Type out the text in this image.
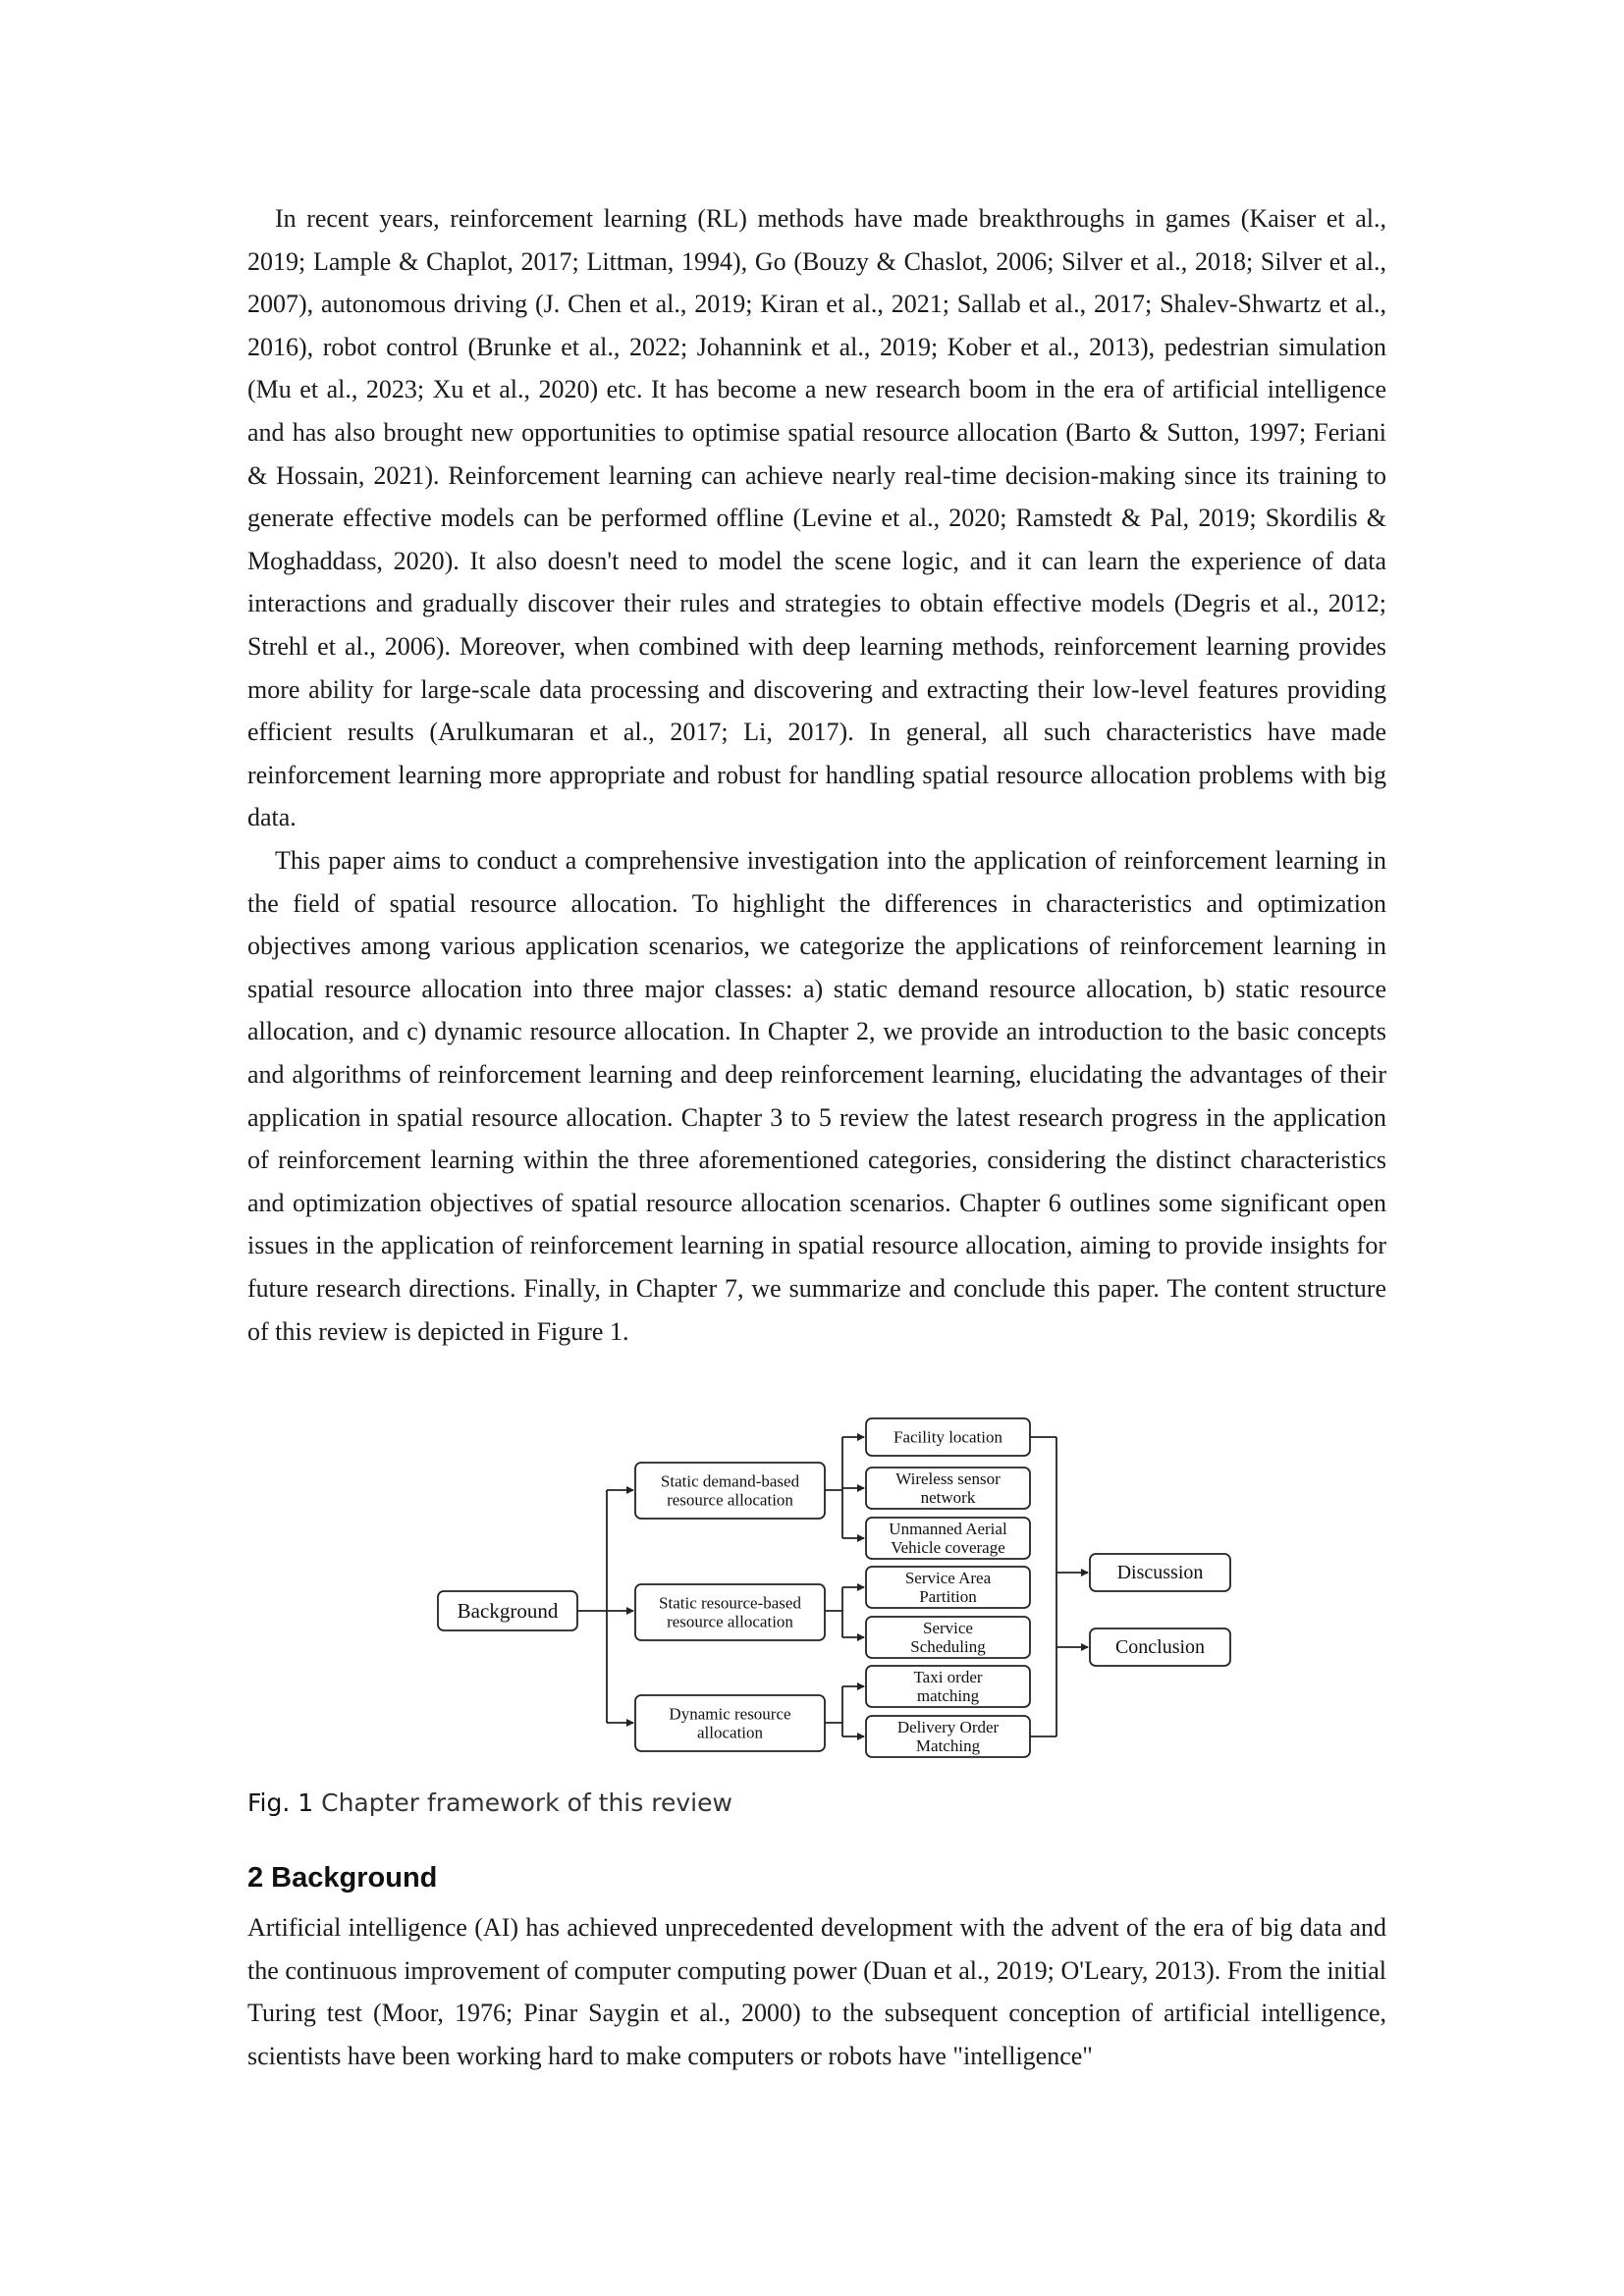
In recent years, reinforcement learning (RL) methods have made breakthroughs in games (Kaiser et al., 2019; Lample & Chaplot, 2017; Littman, 1994), Go (Bouzy & Chaslot, 2006; Silver et al., 2018; Silver et al., 2007), autonomous driving (J. Chen et al., 2019; Kiran et al., 2021; Sallab et al., 2017; Shalev-Shwartz et al., 2016), robot control (Brunke et al., 2022; Johannink et al., 2019; Kober et al., 2013), pedestrian simulation (Mu et al., 2023; Xu et al., 2020) etc. It has become a new research boom in the era of artificial intelligence and has also brought new opportunities to optimise spatial resource allocation (Barto & Sutton, 1997; Feriani & Hossain, 2021). Reinforcement learning can achieve nearly real-time decision-making since its training to generate effective models can be performed offline (Levine et al., 2020; Ramstedt & Pal, 2019; Skordilis & Moghaddass, 2020). It also doesn't need to model the scene logic, and it can learn the experience of data interactions and gradually discover their rules and strategies to obtain effective models (Degris et al., 2012; Strehl et al., 2006). Moreover, when combined with deep learning methods, reinforcement learning provides more ability for large-scale data processing and discovering and extracting their low-level features providing efficient results (Arulkumaran et al., 2017; Li, 2017). In general, all such characteristics have made reinforcement learning more appropriate and robust for handling spatial resource allocation problems with big data.

This paper aims to conduct a comprehensive investigation into the application of reinforcement learning in the field of spatial resource allocation. To highlight the differences in characteristics and optimization objectives among various application scenarios, we categorize the applications of reinforcement learning in spatial resource allocation into three major classes: a) static demand resource allocation, b) static resource allocation, and c) dynamic resource allocation. In Chapter 2, we provide an introduction to the basic concepts and algorithms of reinforcement learning and deep reinforcement learning, elucidating the advantages of their application in spatial resource allocation. Chapter 3 to 5 review the latest research progress in the application of reinforcement learning within the three aforementioned categories, considering the distinct characteristics and optimization objectives of spatial resource allocation scenarios. Chapter 6 outlines some significant open issues in the application of reinforcement learning in spatial resource allocation, aiming to provide insights for future research directions. Finally, in Chapter 7, we summarize and conclude this paper. The content structure of this review is depicted in Figure 1.

Background
Static demand-based
resource allocation
Static resource-based
resource allocation
Dynamic resource
allocation
Facility location
Wireless sensor
network
Unmanned Aerial
Vehicle coverage
Service Area
Partition
Service
Scheduling
Taxi order
matching
Delivery Order
Matching
Discussion
Conclusion

Fig. 1 Chapter framework of this review

2 Background

Artificial intelligence (AI) has achieved unprecedented development with the advent of the era of big data and the continuous improvement of computer computing power (Duan et al., 2019; O'Leary, 2013). From the initial Turing test (Moor, 1976; Pinar Saygin et al., 2000) to the subsequent conception of artificial intelligence, scientists have been working hard to make computers or robots have "intelligence"
